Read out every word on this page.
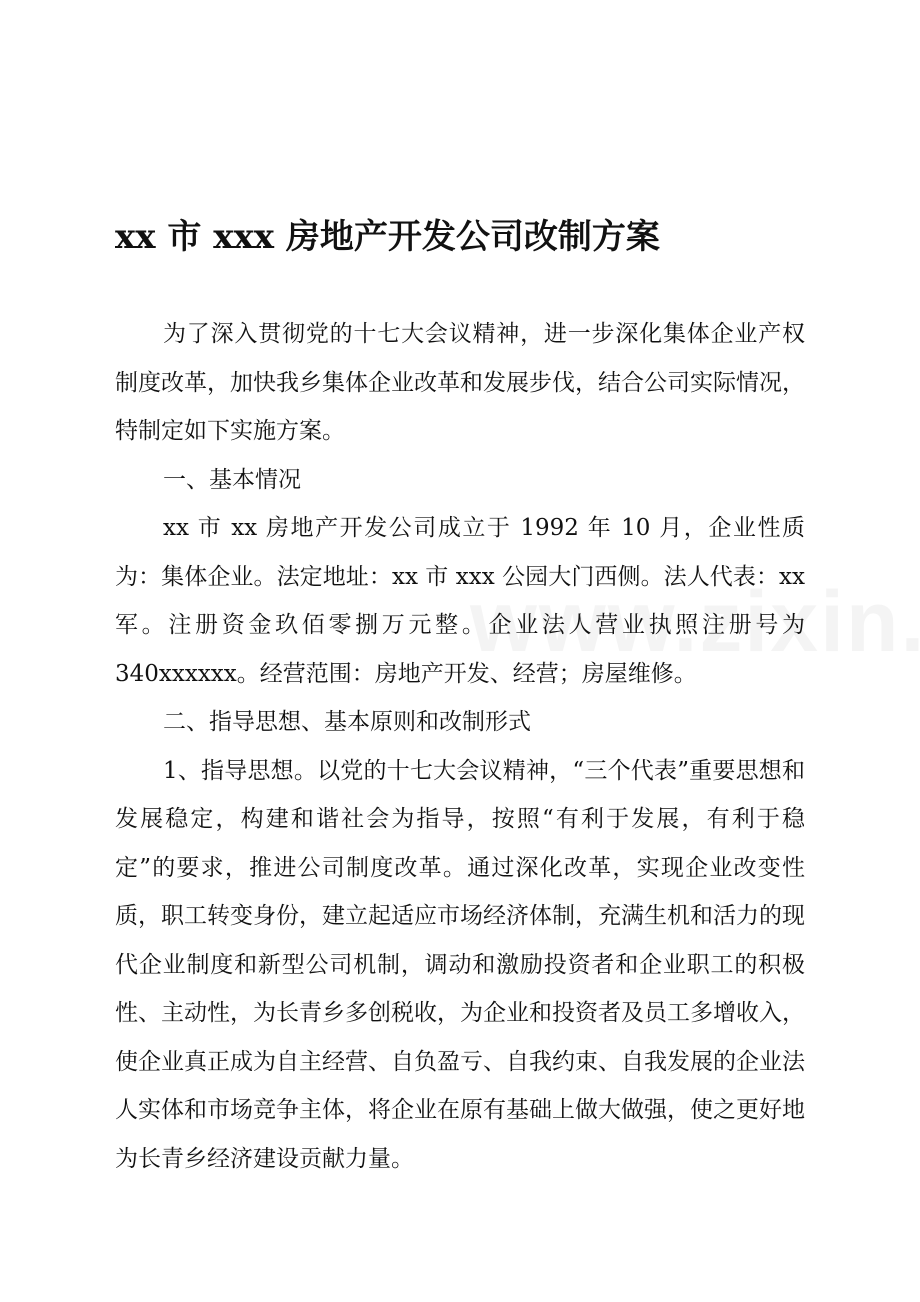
xx 市 xxx 房地产开发公司改制方案

为了深入贯彻党的十七大会议精神，进一步深化集体企业产权制度改革，加快我乡集体企业改革和发展步伐，结合公司实际情况，特制定如下实施方案。

一、基本情况

xx 市 xx 房地产开发公司成立于 1992 年 10 月，企业性质为：集体企业。法定地址：xx 市 xxx 公园大门西侧。法人代表：xx 军。注册资金玖佰零捌万元整。企业法人营业执照注册号为 340xxxxxx。经营范围：房地产开发、经营；房屋维修。

二、指导思想、基本原则和改制形式

1、指导思想。以党的十七大会议精神，“三个代表”重要思想和发展稳定，构建和谐社会为指导，按照“有利于发展，有利于稳定”的要求，推进公司制度改革。通过深化改革，实现企业改变性质，职工转变身份，建立起适应市场经济体制，充满生机和活力的现代企业制度和新型公司机制，调动和激励投资者和企业职工的积极性、主动性，为长青乡多创税收，为企业和投资者及员工多增收入，使企业真正成为自主经营、自负盈亏、自我约束、自我发展的企业法人实体和市场竞争主体，将企业在原有基础上做大做强，使之更好地为长青乡经济建设贡献力量。
